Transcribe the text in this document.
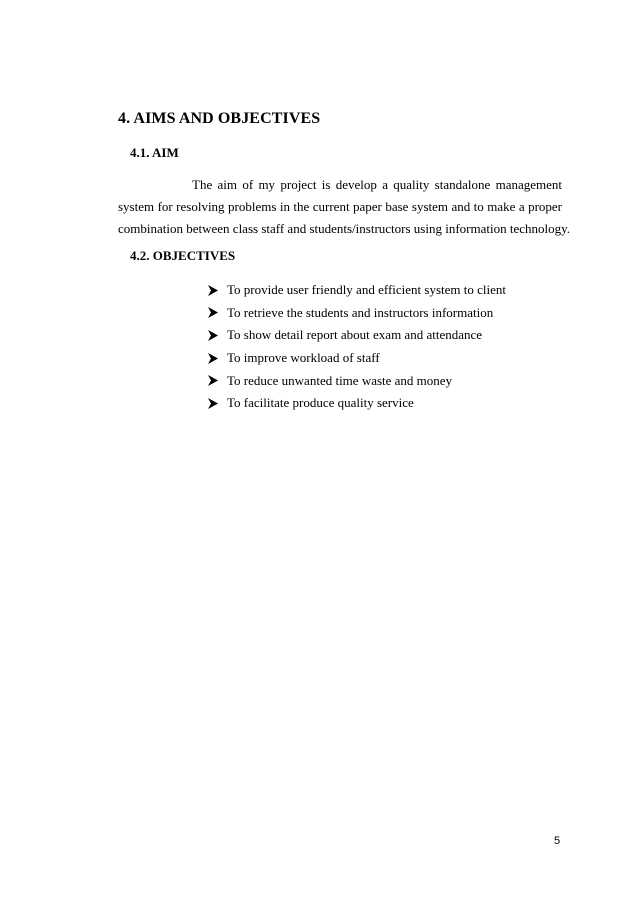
4. AIMS AND OBJECTIVES
4.1. AIM
The aim of my project is develop a quality standalone management
system for resolving problems in the current paper base system and to make a proper
combination between class staff and students/instructors using information technology.
4.2. OBJECTIVES
To provide user friendly and efficient system to client
To retrieve the students and instructors information
To show detail report about exam and attendance
To improve workload of staff
To reduce unwanted time waste and money
To facilitate produce quality service
5
